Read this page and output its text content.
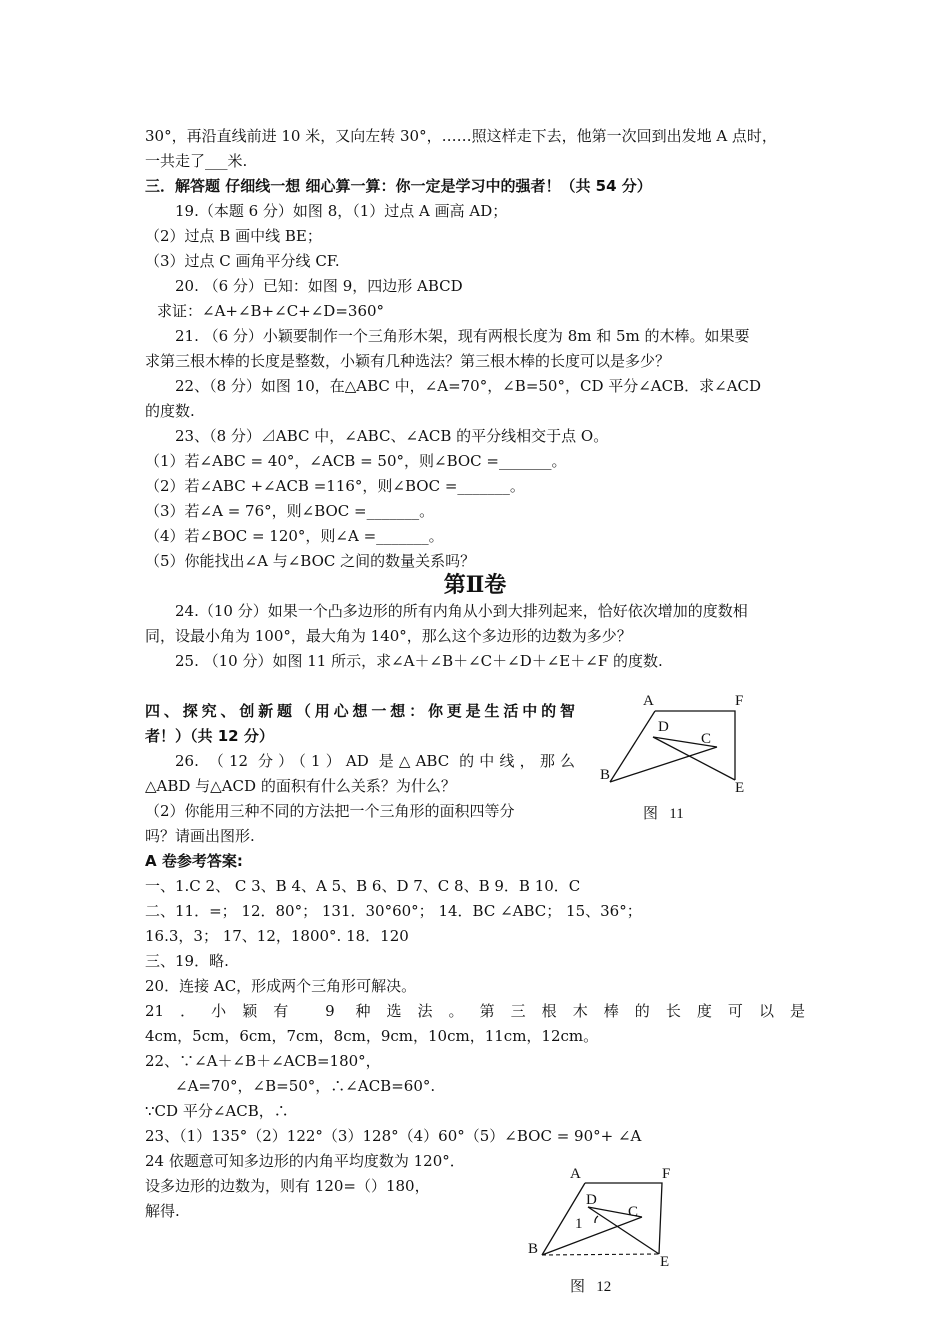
30°，再沿直线前进 10 米，又向左转 30°，……照这样走下去，他第一次回到出发地 A 点时，
一共走了___米.
三．解答题 仔细线一想 细心算一算：你一定是学习中的强者！（共 54 分）
19.（本题 6 分）如图 8，（1）过点 A 画高 AD；
（2）过点 B 画中线 BE；
（3）过点 C 画角平分线 CF.
20. （6 分）已知：如图 9，四边形 ABCD
求证：∠A+∠B+∠C+∠D=360°
21. （6 分）小颖要制作一个三角形木架，现有两根长度为 8m 和 5m 的木棒。如果要
求第三根木棒的长度是整数，小颖有几种选法？第三根木棒的长度可以是多少？
22、（8 分）如图 10，在△ABC 中，∠A=70°，∠B=50°，CD 平分∠ACB．求∠ACD
的度数.
23、（8 分）⊿ABC 中，∠ABC、∠ACB 的平分线相交于点 O。
（1）若∠ABC = 40°，∠ACB = 50°，则∠BOC =_______。
（2）若∠ABC +∠ACB =116°，则∠BOC =_______。
（3）若∠A = 76°，则∠BOC =_______。
（4）若∠BOC = 120°，则∠A =_______。
（5）你能找出∠A 与∠BOC 之间的数量关系吗？
第Ⅱ卷
24.（10 分）如果一个凸多边形的所有内角从小到大排列起来，恰好依次增加的度数相
同，设最小角为 100°，最大角为 140°，那么这个多边形的边数为多少？
25. （10 分）如图 11 所示，求∠A＋∠B＋∠C＋∠D＋∠E＋∠F 的度数.
四、探究、创新题（用心想一想：你更是生活中的智
者！）（共 12 分）
26. （12 分）（1）AD 是△ABC 的中线，那么
△ABD 与△ACD 的面积有什么关系？为什么？
（2）你能用三种不同的方法把一个三角形的面积四等分
吗？请画出图形.
A	F
D
C
B
E
图   11
A 卷参考答案:
一、1.C 2、 C 3、B 4、A 5、B 6、D 7、C 8、B 9．B 10．C
二、11．=； 12．80°； 131．30°60°； 14．BC ∠ABC； 15、36°；
16.3，3； 17、12，1800°. 18．120
三、19．略.
20．连接 AC，形成两个三角形可解决。
21．小颖有 9 种选法。第三根木棒的长度可以是
4cm，5cm，6cm，7cm，8cm，9cm，10cm，11cm，12cm。
22、∵∠A＋∠B＋∠ACB=180°，
∠A=70°，∠B=50°，∴∠ACB=60°.
∵CD 平分∠ACB，∴
23、（1）135°（2）122°（3）128°（4）60°（5）∠BOC = 90°+ ∠A
24 依题意可知多边形的内角平均度数为 120°．
设多边形的边数为，则有 120=（）180，
解得.
A	F
D
C
1
B
E
图   12
